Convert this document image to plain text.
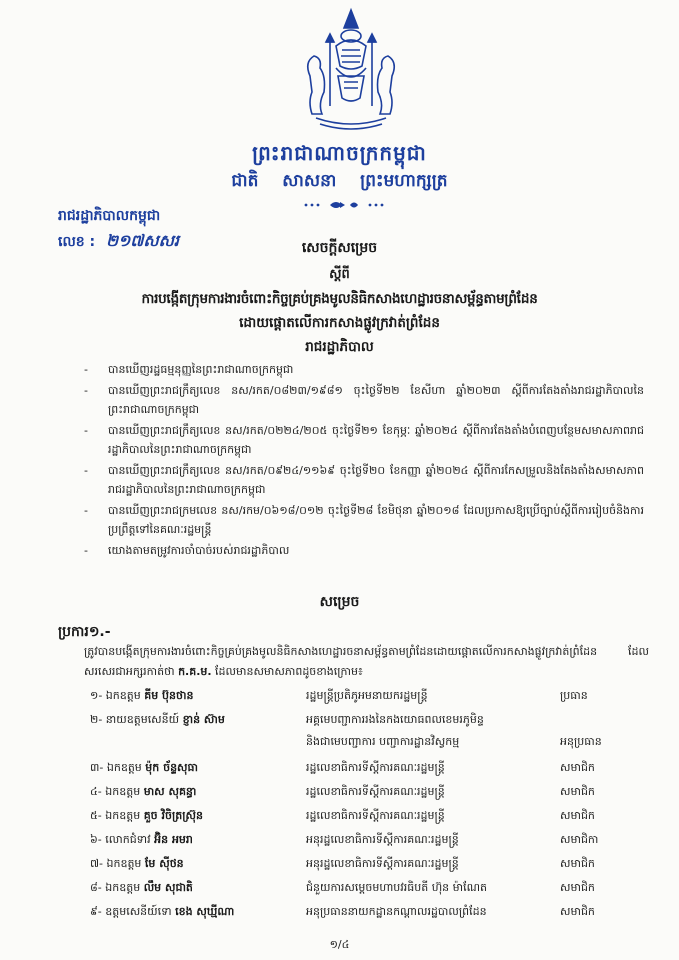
ព្រះរាជាណាចក្រកម្ពុជា
ជាតិ សាសនា ព្រះមហាក្សត្រ
រាជរដ្ឋាភិបាលកម្ពុជា
លេខ : ២១៧សសរ	សេចក្តីសម្រេច
ស្តីពី
ការបង្កើតក្រុមការងារចំពោះកិច្ចគ្រប់គ្រងមូលនិធិកសាងហេដ្ឋារចនាសម្ព័ន្ធតាមព្រំដែន
ដោយផ្តោតលើការកសាងផ្លូវក្រវាត់ព្រំដែន
រាជរដ្ឋាភិបាល
- បានឃើញរដ្ឋធម្មនុញ្ញនៃព្រះរាជាណាចក្រកម្ពុជា
- បានឃើញព្រះរាជក្រឹត្យលេខ នស/រកត/០៨២៣/១៩៨១ ចុះថ្ងៃទី២២ ខែសីហា ឆ្នាំ២០២៣ ស្តីពីការតែងតាំងរាជរដ្ឋាភិបាលនៃព្រះរាជាណាចក្រកម្ពុជា
- បានឃើញព្រះរាជក្រឹត្យលេខ នស/រកត/០២២៤/២០៥ ចុះថ្ងៃទី២១ ខែកុម្ភៈ ឆ្នាំ២០២៤ ស្តីពីការតែងតាំងបំពេញបន្ថែមសមាសភាពរាជរដ្ឋាភិបាលនៃព្រះរាជាណាចក្រកម្ពុជា
- បានឃើញព្រះរាជក្រឹត្យលេខ នស/រកត/០៩២៤/១១៦៩ ចុះថ្ងៃទី២០ ខែកញ្ញា ឆ្នាំ២០២៤ ស្តីពីការកែសម្រួលនិងតែងតាំងសមាសភាពរាជរដ្ឋាភិបាលនៃព្រះរាជាណាចក្រកម្ពុជា
- បានឃើញព្រះរាជក្រមលេខ នស/រកម/០៦១៨/០១២ ចុះថ្ងៃទី២៨ ខែមិថុនា ឆ្នាំ២០១៨ ដែលប្រកាសឱ្យប្រើច្បាប់ស្តីពីការរៀបចំនិងការប្រព្រឹត្តទៅនៃគណៈរដ្ឋមន្ត្រី
- យោងតាមតម្រូវការចាំបាច់របស់រាជរដ្ឋាភិបាល
សម្រេច
ប្រការ១.-
ត្រូវបានបង្កើតក្រុមការងារចំពោះកិច្ចគ្រប់គ្រងមូលនិធិកសាងហេដ្ឋារចនាសម្ព័ន្ធតាមព្រំដែនដោយផ្តោតលើការកសាងផ្លូវក្រវាត់ព្រំដែន ដែលសរសេរជាអក្សរកាត់ថា ក.គ.ម. ដែលមានសមាសភាពដូចខាងក្រោម៖
១- ឯកឧត្តម គីម ប៊ុនថាន	រដ្ឋមន្ត្រីប្រតិភូអមនាយករដ្ឋមន្ត្រី	ប្រធាន
២- នាយឧត្តមសេនីយ៍ ខ្ញាន់ ស៊ាម	អគ្គមេបញ្ជាការរងនៃកងយោធពលខេមរភូមិន្ទ
និងជាមេបញ្ជាការ បញ្ជាការដ្ឋានវិស្វកម្ម	អនុប្រធាន
៣- ឯកឧត្តម ម៉ុក ច័ន្ទសុធា	រដ្ឋលេខាធិការទីស្តីការគណៈរដ្ឋមន្ត្រី	សមាជិក
៤- ឯកឧត្តម មាស សុគន្ធា	រដ្ឋលេខាធិការទីស្តីការគណៈរដ្ឋមន្ត្រី	សមាជិក
៥- ឯកឧត្តម គួច វិចិត្រស្រ៊ុន	រដ្ឋលេខាធិការទីស្តីការគណៈរដ្ឋមន្ត្រី	សមាជិក
៦- លោកជំទាវ អ៊ិន អមរា	អនុរដ្ឋលេខាធិការទីស្តីការគណៈរដ្ឋមន្ត្រី	សមាជិកា
៧- ឯកឧត្តម មែ ស៊ីថន	អនុរដ្ឋលេខាធិការទីស្តីការគណៈរដ្ឋមន្ត្រី	សមាជិក
៨- ឯកឧត្តម លឹម សុជាតិ	ជំនួយការសម្តេចមហាបវរធិបតី ហ៊ុន ម៉ាណែត	សមាជិក
៩- ឧត្តមសេនីយ៍ទោ ខេង សុឃ្មីណា	អនុប្រធាននាយកដ្ឋានកណ្តាលរដ្ឋបាលព្រំដែន	សមាជិក
១/៤
